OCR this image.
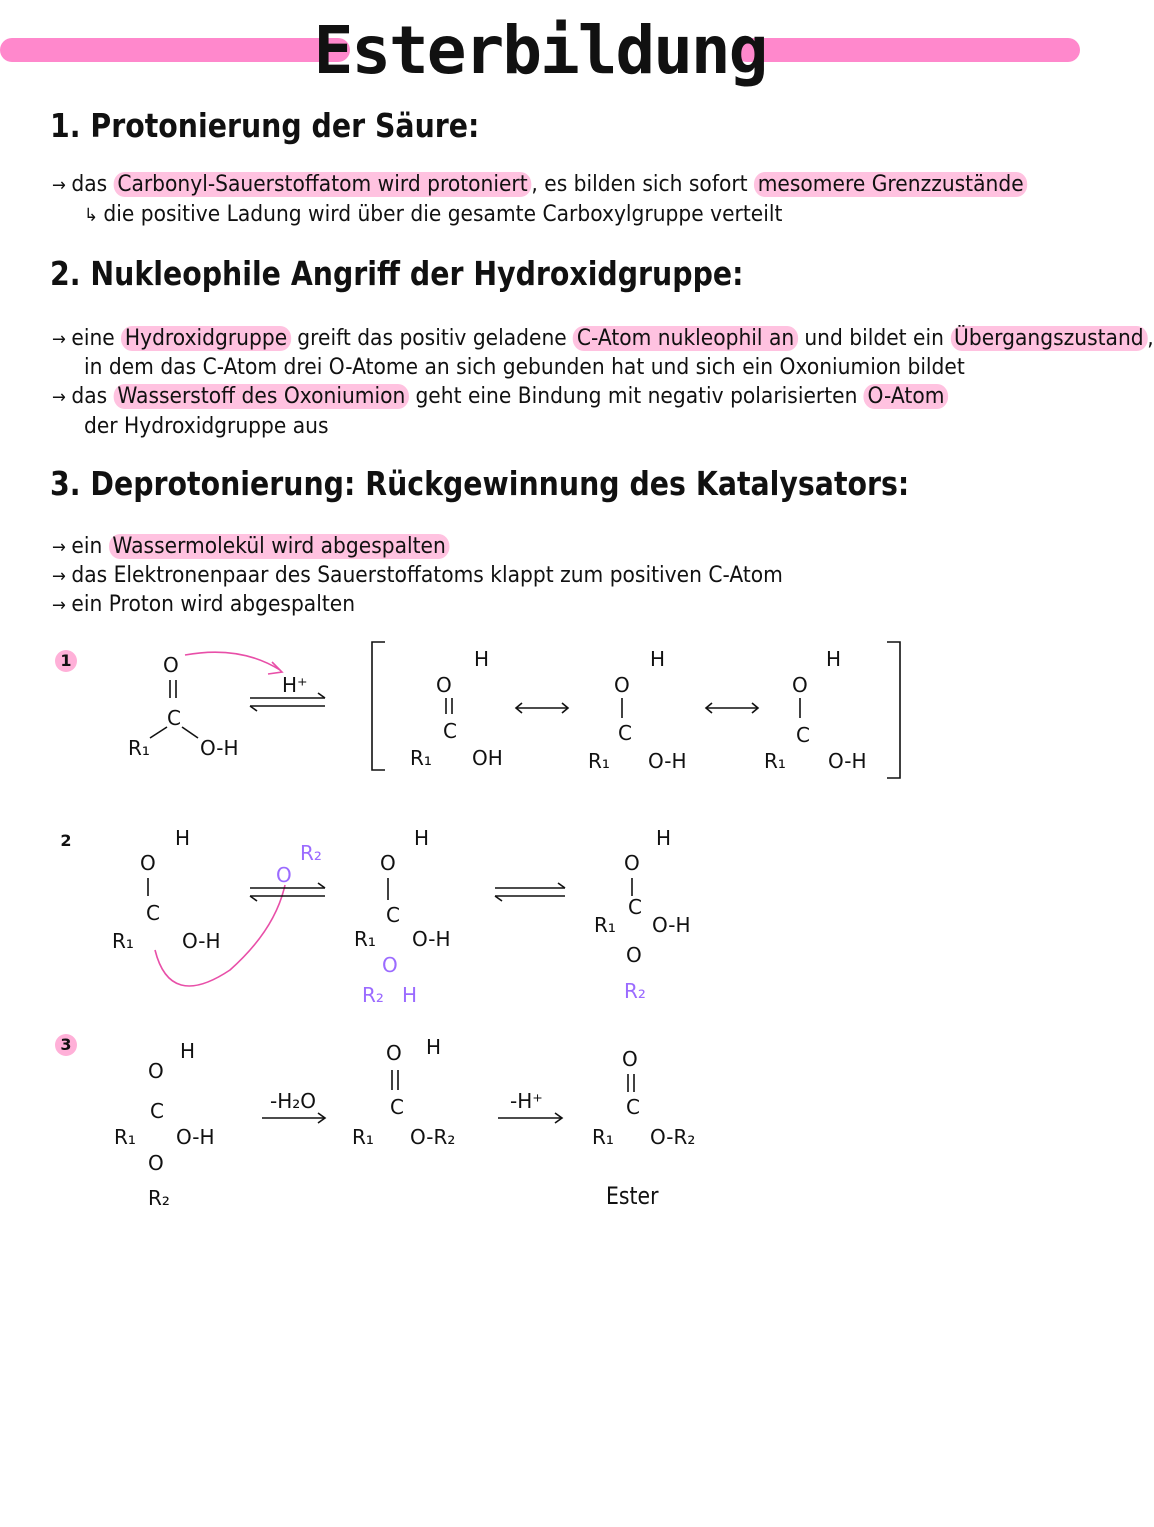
Esterbildung
1. Protonierung der Säure:
→ das Carbonyl-Sauerstoffatom wird protoniert , es bilden sich sofort mesomere Grenzzustände
↳ die positive Ladung wird über die gesamte Carboxylgruppe verteilt
2. Nukleophile Angriff der Hydroxidgruppe:
→ eine Hydroxidgruppe greift das positiv geladene C-Atom nukleophil an und bildet ein Übergangszustand ,
in dem das C-Atom drei O-Atome an sich gebunden hat und sich ein Oxoniumion bildet
→ das Wasserstoff des Oxoniumion geht eine Bindung mit negativ polarisierten O-Atom
der Hydroxidgruppe aus
3. Deprotonierung: Rückgewinnung des Katalysators:
→ ein Wassermolekül wird abgespalten
→ das Elektronenpaar des Sauerstoffatoms klappt zum positiven C-Atom
→ ein Proton wird abgespalten
1
2
3
O
C
R₁	O-H
H⁺	O
H
C
R₁ OH
O
H
C
R₁ O-H
O
H
C
R₁ O-H
O
H
C
R₁ O-H
R₂
O	O
H
C
R₁ O-H
O
R₂ H
O
H
C
R₁ O-H
O
R₂
O
H
C
R₁ O-H
O
R₂
-H₂O
O H
C
R₁ O-R₂
-H⁺
O
C
R₁ O-R₂
Ester
